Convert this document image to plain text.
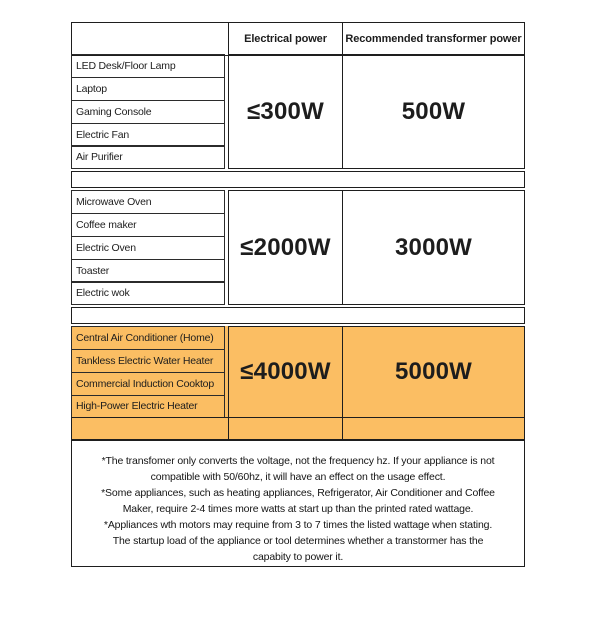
Electrical power	Recommended transformer power
LED Desk/Floor Lamp
Laptop
Gaming Console
Electric Fan
Air Purifier
≤300W	500W
Microwave Oven
Coffee maker
Electric Oven
Toaster
Electric wok
≤2000W	3000W
Central Air Conditioner (Home)
Tankless Electric Water Heater
Commercial Induction Cooktop
High-Power Electric Heater
≤4000W	5000W
*The transfomer only converts the voltage, not the frequency hz. If your appliance is not
compatible with 50/60hz, it will have an effect on the usage effect.
*Some appliances, such as heating appliances, Refrigerator, Air Conditioner and Coffee
Maker, require 2-4 times more watts at start up than the printed rated wattage.
*Appliances wth motors may requine from 3 to 7 times the listed wattage when stating.
The startup load of the appliance or tool determines whether a transtormer has the
capabity to power it.
